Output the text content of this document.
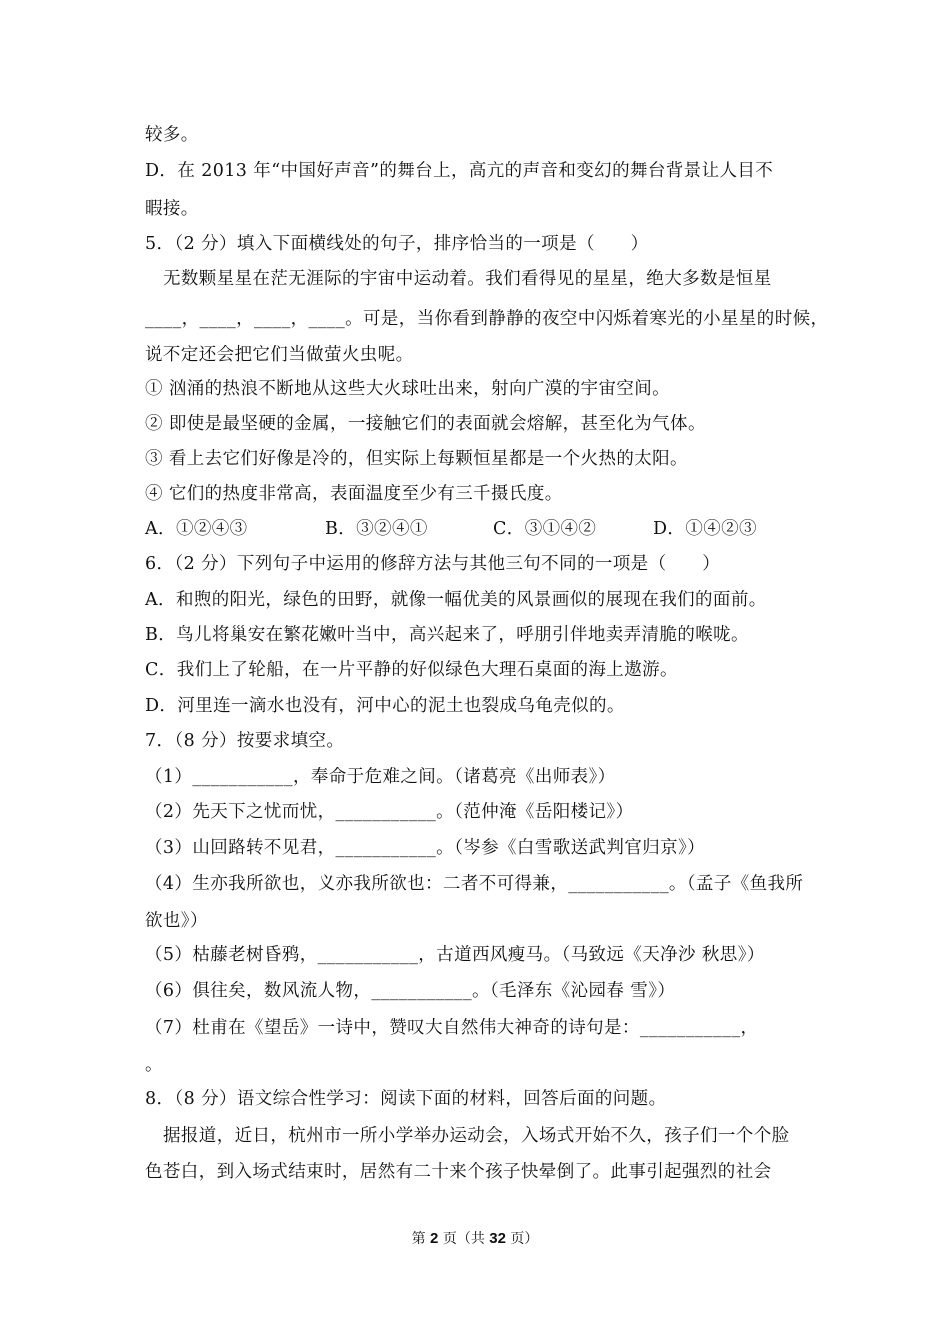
较多。

D．在 2013 年“中国好声音”的舞台上，高亢的声音和变幻的舞台背景让人目不

暇接。

5．（2 分）填入下面横线处的句子，排序恰当的一项是（　　）

无数颗星星在茫无涯际的宇宙中运动着。我们看得见的星星，绝大多数是恒星

____，____，____，____。可是，当你看到静静的夜空中闪烁着寒光的小星星的时候，

说不定还会把它们当做萤火虫呢。

① 汹涌的热浪不断地从这些大火球吐出来，射向广漠的宇宙空间。

② 即使是最坚硬的金属，一接触它们的表面就会熔解，甚至化为气体。

③ 看上去它们好像是冷的，但实际上每颗恒星都是一个火热的太阳。

④ 它们的热度非常高，表面温度至少有三千摄氏度。

A．①②④③	B．③②④①	C．③①④②	D．①④②③

6．（2 分）下列句子中运用的修辞方法与其他三句不同的一项是（　　）

A．和煦的阳光，绿色的田野，就像一幅优美的风景画似的展现在我们的面前。

B．鸟儿将巢安在繁花嫩叶当中，高兴起来了，呼朋引伴地卖弄清脆的喉咙。

C．我们上了轮船，在一片平静的好似绿色大理石桌面的海上遨游。

D．河里连一滴水也没有，河中心的泥土也裂成乌龟壳似的。

7．（8 分）按要求填空。

（1）___________，奉命于危难之间。（诸葛亮《出师表》）

（2）先天下之忧而忧，___________。（范仲淹《岳阳楼记》）

（3）山回路转不见君，___________。（岑参《白雪歌送武判官归京》）

（4）生亦我所欲也，义亦我所欲也：二者不可得兼，___________。（孟子《鱼我所

欲也》）

（5）枯藤老树昏鸦，___________，古道西风瘦马。（马致远《天净沙 秋思》）

（6）俱往矣，数风流人物，___________。（毛泽东《沁园春 雪》）

（7）杜甫在《望岳》一诗中，赞叹大自然伟大神奇的诗句是：___________，

。

8．（8 分）语文综合性学习：阅读下面的材料，回答后面的问题。

据报道，近日，杭州市一所小学举办运动会，入场式开始不久，孩子们一个个脸

色苍白，到入场式结束时，居然有二十来个孩子快晕倒了。此事引起强烈的社会

第 2 页（共 32 页）
